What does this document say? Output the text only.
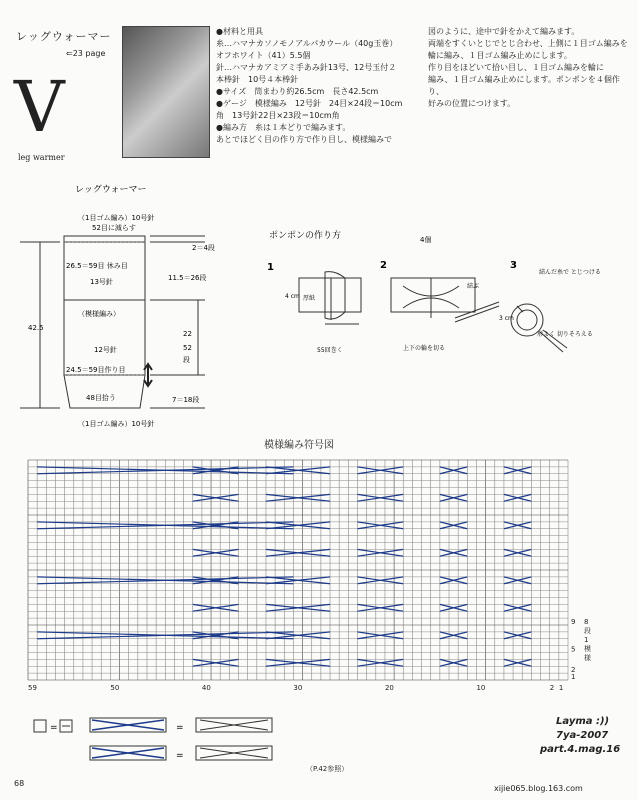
レッグウォーマー
⇐23 page
V
leg warmer
●材料と用具
糸…ハマナカソノモノアルパカウール（40g玉巻）
オフホワイト（41）5.5個
針…ハマナカアミアミ手あみ針13号、12号玉付２
本棒針　10号４本棒針
●サイズ　筒まわり約26.5cm　長さ42.5cm
●ゲージ　模様編み　12号針　24目×24段＝10cm
角　13号針22目×23段＝10cm角
●編み方　糸は１本どりで編みます。
あとでほどく目の作り方で作り目し、模様編みで
図のように、途中で針をかえて編みます。
両端をすくいとじでとじ合わせ、上側に１目ゴム編みを
輪に編み、１目ゴム編み止めにします。
作り目をほどいて拾い目し、１目ゴム編みを輪に
編み、１目ゴム編み止めにします。ポンポンを４個作り、
好みの位置につけます。
レッグウォーマー
（1目ゴム編み）10号針
52目に減らす
26.5＝59目 休み目
13号針
（模様編み）
12号針
24.5＝59目作り目
48目拾う
（1目ゴム編み）10号針
2＝4段
11.5＝26段
22
52
段
7＝18段
42.5
ポンポンの作り方	4個
1	2	3
厚紙
4 cm
55回巻く
結ぶ
上下の輪を切る
結んだ糸で とじつける
3 cm
形よく 切りそろえる
模様編み符号図
59	50	40	30	20	10	2 1
9
5
2
1
8段1模様
=	=
=
（P.42参照）
68
Layma :))
7ya-2007
part.4.mag.16
xijie065.blog.163.com
